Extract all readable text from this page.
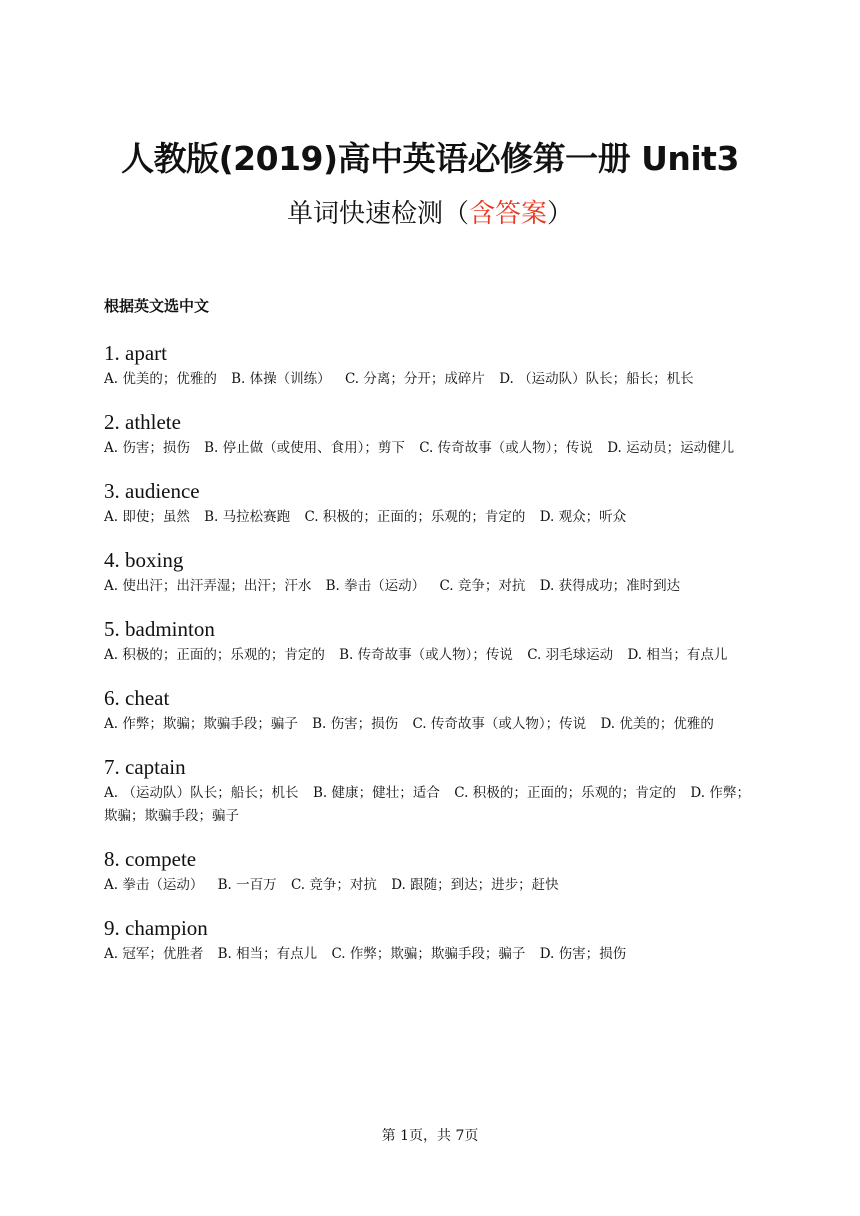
人教版(2019)高中英语必修第一册 Unit3
单词快速检测（含答案）
根据英文选中文
1. apart
A. 优美的；优雅的 B. 体操（训练） C. 分离；分开；成碎片 D. （运动队）队长；船长；机长
2. athlete
A. 伤害；损伤 B. 停止做（或使用、食用）；剪下 C. 传奇故事（或人物）；传说 D. 运动员；运动健儿
3. audience
A. 即使；虽然 B. 马拉松赛跑 C. 积极的；正面的；乐观的；肯定的 D. 观众；听众
4. boxing
A. 使出汗；出汗弄湿；出汗；汗水 B. 拳击（运动） C. 竞争；对抗 D. 获得成功；准时到达
5. badminton
A. 积极的；正面的；乐观的；肯定的 B. 传奇故事（或人物）；传说 C. 羽毛球运动 D. 相当；有点儿
6. cheat
A. 作弊；欺骗；欺骗手段；骗子 B. 伤害；损伤 C. 传奇故事（或人物）；传说 D. 优美的；优雅的
7. captain
A. （运动队）队长；船长；机长 B. 健康；健壮；适合 C. 积极的；正面的；乐观的；肯定的 D. 作弊；欺骗；欺骗手段；骗子
8. compete
A. 拳击（运动） B. 一百万 C. 竞争；对抗 D. 跟随；到达；进步；赶快
9. champion
A. 冠军；优胜者 B. 相当；有点儿 C. 作弊；欺骗；欺骗手段；骗子 D. 伤害；损伤
第 1页，共 7页
